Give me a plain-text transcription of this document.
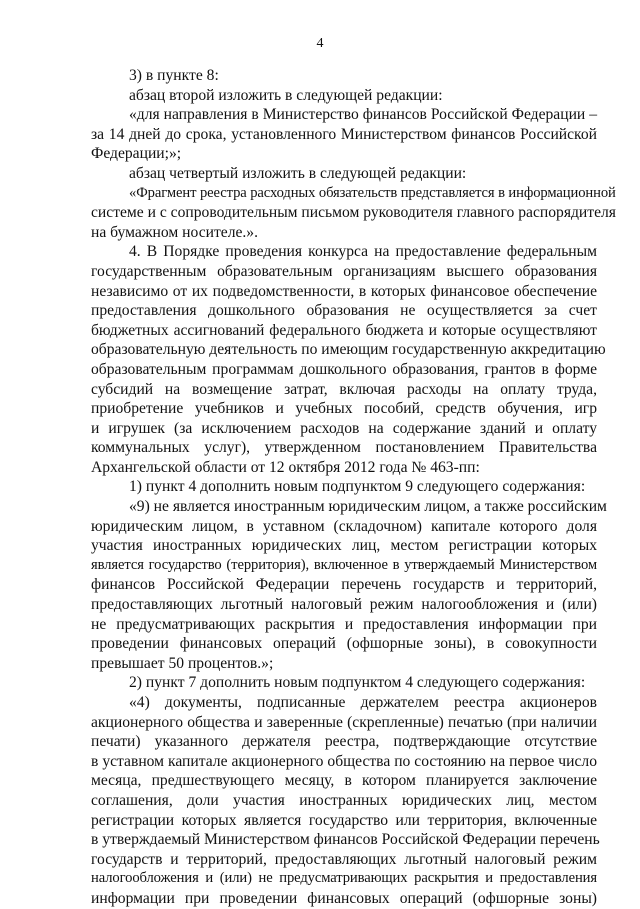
4
3) в пункте 8:
абзац второй изложить в следующей редакции:
«для направления в Министерство финансов Российской Федерации –
за 14 дней до срока, установленного Министерством финансов Российской
Федерации;»;
абзац четвертый изложить в следующей редакции:
«Фрагмент реестра расходных обязательств представляется в информационной
системе и с сопроводительным письмом руководителя главного распорядителя
на бумажном носителе.».
4. В Порядке проведения конкурса на предоставление федеральным
государственным образовательным организациям высшего образования
независимо от их подведомственности, в которых финансовое обеспечение
предоставления дошкольного образования не осуществляется за счет
бюджетных ассигнований федерального бюджета и которые осуществляют
образовательную деятельность по имеющим государственную аккредитацию
образовательным программам дошкольного образования, грантов в форме
субсидий на возмещение затрат, включая расходы на оплату труда,
приобретение учебников и учебных пособий, средств обучения, игр
и игрушек (за исключением расходов на содержание зданий и оплату
коммунальных услуг), утвержденном постановлением Правительства
Архангельской области от 12 октября 2012 года № 463-пп:
1) пункт 4 дополнить новым подпунктом 9 следующего содержания:
«9) не является иностранным юридическим лицом, а также российским
юридическим лицом, в уставном (складочном) капитале которого доля
участия иностранных юридических лиц, местом регистрации которых
является государство (территория), включенное в утверждаемый Министерством
финансов Российской Федерации перечень государств и территорий,
предоставляющих льготный налоговый режим налогообложения и (или)
не предусматривающих раскрытия и предоставления информации при
проведении финансовых операций (офшорные зоны), в совокупности
превышает 50 процентов.»;
2) пункт 7 дополнить новым подпунктом 4 следующего содержания:
«4) документы, подписанные держателем реестра акционеров
акционерного общества и заверенные (скрепленные) печатью (при наличии
печати) указанного держателя реестра, подтверждающие отсутствие
в уставном капитале акционерного общества по состоянию на первое число
месяца, предшествующего месяцу, в котором планируется заключение
соглашения, доли участия иностранных юридических лиц, местом
регистрации которых является государство или территория, включенные
в утверждаемый Министерством финансов Российской Федерации перечень
государств и территорий, предоставляющих льготный налоговый режим
налогообложения и (или) не предусматривающих раскрытия и предоставления
информации при проведении финансовых операций (офшорные зоны)
